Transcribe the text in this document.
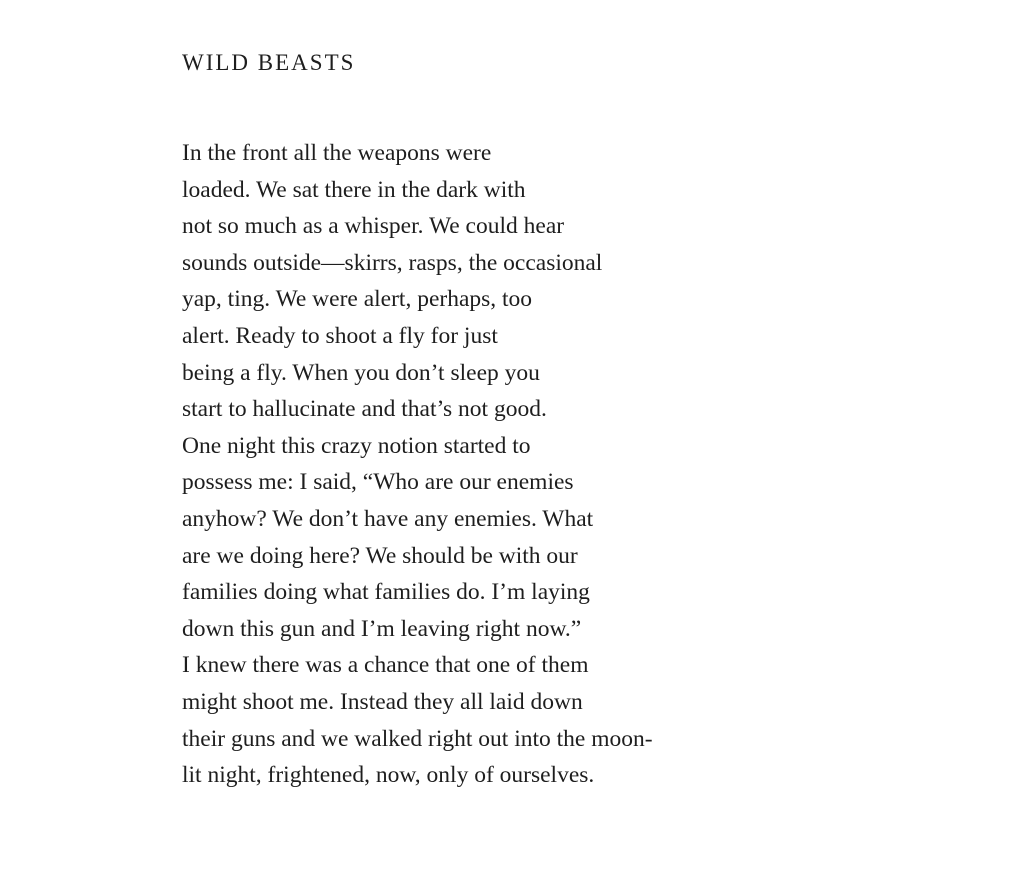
WILD BEASTS
In the front all the weapons were
loaded. We sat there in the dark with
not so much as a whisper. We could hear
sounds outside—skirrs, rasps, the occasional
yap, ting. We were alert, perhaps, too
alert. Ready to shoot a fly for just
being a fly. When you don’t sleep you
start to hallucinate and that’s not good.
One night this crazy notion started to
possess me: I said, “Who are our enemies
anyhow? We don’t have any enemies. What
are we doing here? We should be with our
families doing what families do. I’m laying
down this gun and I’m leaving right now.”
I knew there was a chance that one of them
might shoot me. Instead they all laid down
their guns and we walked right out into the moon-
lit night, frightened, now, only of ourselves.
